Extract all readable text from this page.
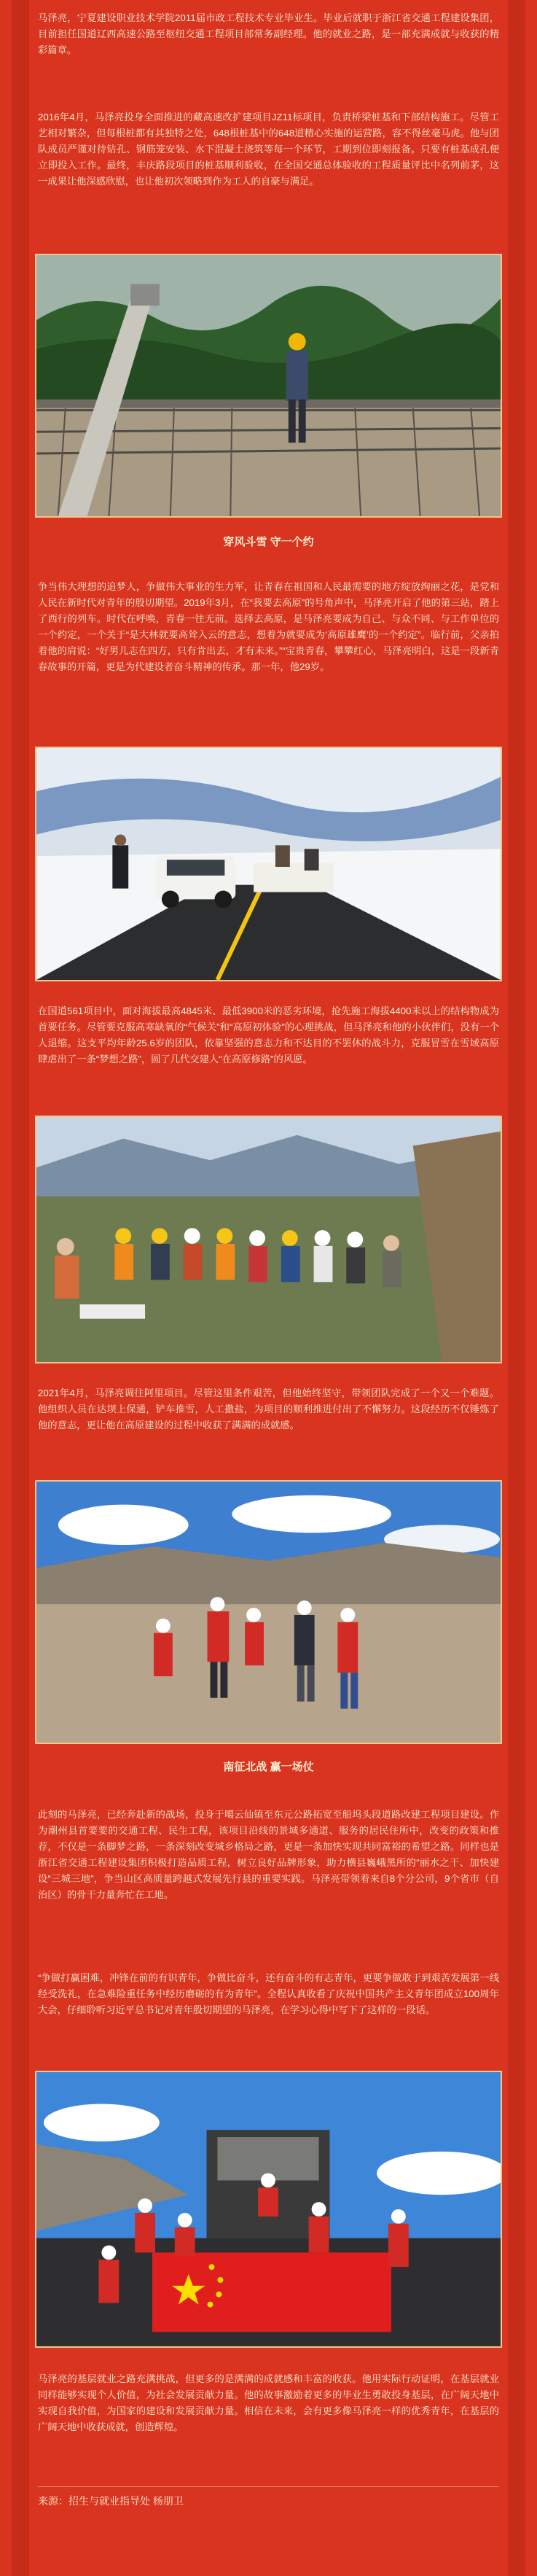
马泽亮，宁夏建设职业技术学院2011届市政工程技术专业毕业生。毕业后就职于浙江省交通工程建设集团，目前担任国道辽西高速公路至枢纽交通工程项目部常务副经理。他的就业之路，是一部充满成就与收获的精彩篇章。

2016年4月，马泽亮投身全面推进的藏高速改扩建项目JZ11标项目，负责桥梁桩基和下部结构施工。尽管工艺相对繁杂，但每根桩都有其独特之处，648根桩基中的648道精心实施的运营路，容不得丝毫马虎。他与团队成员严谨对待钻孔、钢筋笼安装、水下混凝土浇筑等每一个环节，工期到位即刻报备。只要有桩基成孔便立即投入工作。最终，丰庆路段项目的桩基顺利验收，在全国交通总体验收的工程质量评比中名列前茅，这一成果让他深感欣慰，也让他初次领略到作为工人的自豪与满足。

穿风斗雪 守一个约

争当伟大理想的追梦人，争做伟大事业的生力军，让青春在祖国和人民最需要的地方绽放绚丽之花，是党和人民在新时代对青年的殷切期望。2019年3月，在“我要去高原”的号角声中，马泽亮开启了他的第三站，踏上了西行的列车。时代在呼唤，青春一往无前。选择去高原，是马泽亮要成为自己、与众不同、与工作单位的一个约定，一个关于“是大林就要高耸入云的意志，想着为就要成为‘高原雄鹰’的一个约定”。临行前，父亲拍着他的肩说：“好男儿志在四方，只有肯出去，才有未来。”“宝贵青春，攀攀红心，马泽亮明白，这是一段新青春故事的开篇，更是为代建设者奋斗精神的传承。那一年，他29岁。

在国道561项目中，面对海拔最高4845米、最低3900米的恶劣环境，抢先施工海拔4400米以上的结构物成为首要任务。尽管要克服高寒缺氧的“气候关”和“高原初体验”的心理挑战，但马泽亮和他的小伙伴们，没有一个人退缩。这支平均年龄25.6岁的团队，依靠坚强的意志力和不达目的不罢休的战斗力，克服冒雪在雪域高原肆虐出了一条“梦想之路”，圆了几代交建人“在高原修路”的风愿。

2021年4月，马泽亮调往阿里项目。尽管这里条件艰苦，但他始终坚守，带领团队完成了一个又一个难题。他组织人员在达坝上保通，铲车推雪，人工撒盐，为项目的顺利推进付出了不懈努力。这段经历不仅锤炼了他的意志，更让他在高原建设的过程中收获了满满的成就感。

南征北战 赢一场仗

此刻的马泽亮，已经奔赴新的战场，投身于噶云仙镇至东元公路拓宽至船坞头段道路改建工程项目建设。作为潮州县首要要的交通工程、民生工程，该项目沿线的景域多通道、服务的居民住所中，改变的政策和推荐，不仅是一条脚梦之路，一条深刻改变城乡格局之路，更是一条加快实现共同富裕的希望之路。同样也是浙江省交通工程建设集团积极打造品质工程，树立良好品牌形象，助力横县巍峨黑所的“丽水之干、加快建设“三城三地”，争当山区高质量跨越式发展先行县的重要实践。马泽亮带领着来自8个分公司，9个省市（自治区）的骨干力量奔忙在工地。

“争做打赢困难，冲锋在前的有识青年，争做比奋斗，还有奋斗的有志青年，更要争做敢于到艰苦发展第一线经受洗礼，在急难险重任务中经历磨砺的有为青年”。全程认真收看了庆祝中国共产主义青年团成立100周年大会，仔细聆听习近平总书记对青年殷切期望的马泽亮，在学习心得中写下了这样的一段话。

马泽亮的基层就业之路充满挑战，但更多的是满满的成就感和丰富的收获。他用实际行动证明，在基层就业同样能够实现个人价值，为社会发展贡献力量。他的故事激励着更多的毕业生勇敢投身基层，在广阔天地中实现自我价值，为国家的建设和发展贡献力量。相信在未来，会有更多像马泽亮一样的优秀青年，在基层的广阔天地中收获成就，创造辉煌。

来源：招生与就业指导处 杨朋卫
